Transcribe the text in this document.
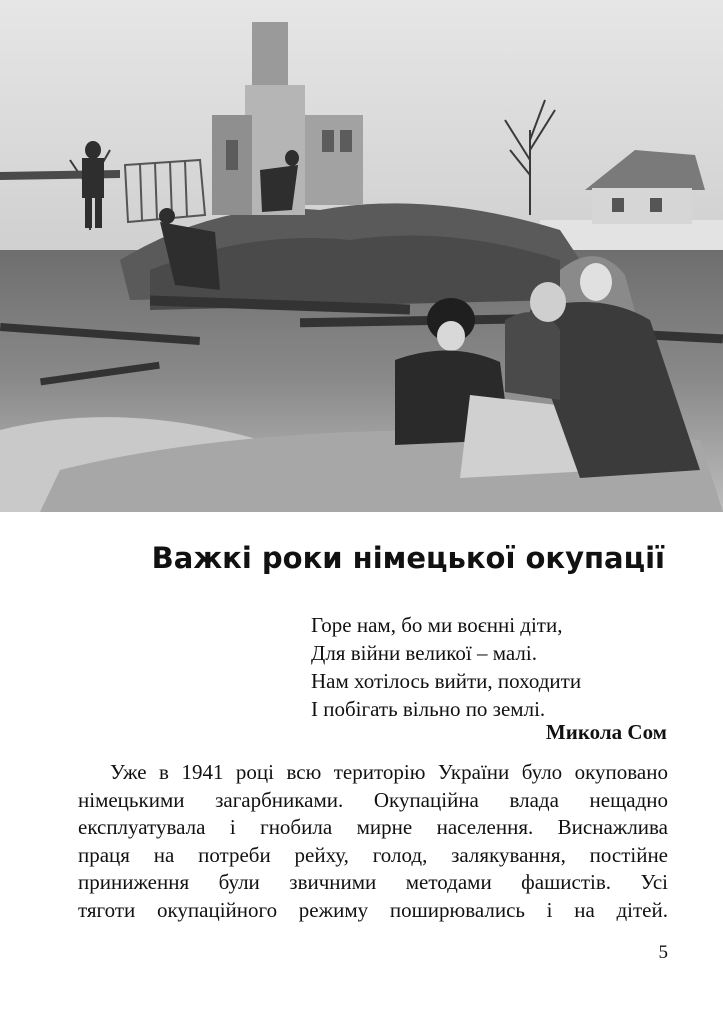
Важкі роки німецької окупації
Горе нам, бо ми воєнні діти,
Для війни великої – малі.
Нам хотілось вийти, походити
І побігать вільно по землі.
Микола Сом
Уже в 1941 році всю територію України було окуповано
німецькими загарбниками. Окупаційна влада нещадно
експлуатувала і гнобила мирне населення. Виснажлива
праця на потреби рейху, голод, залякування, постійне
приниження були звичними методами фашистів. Усі
тяготи окупаційного режиму поширювались і на дітей.
5
